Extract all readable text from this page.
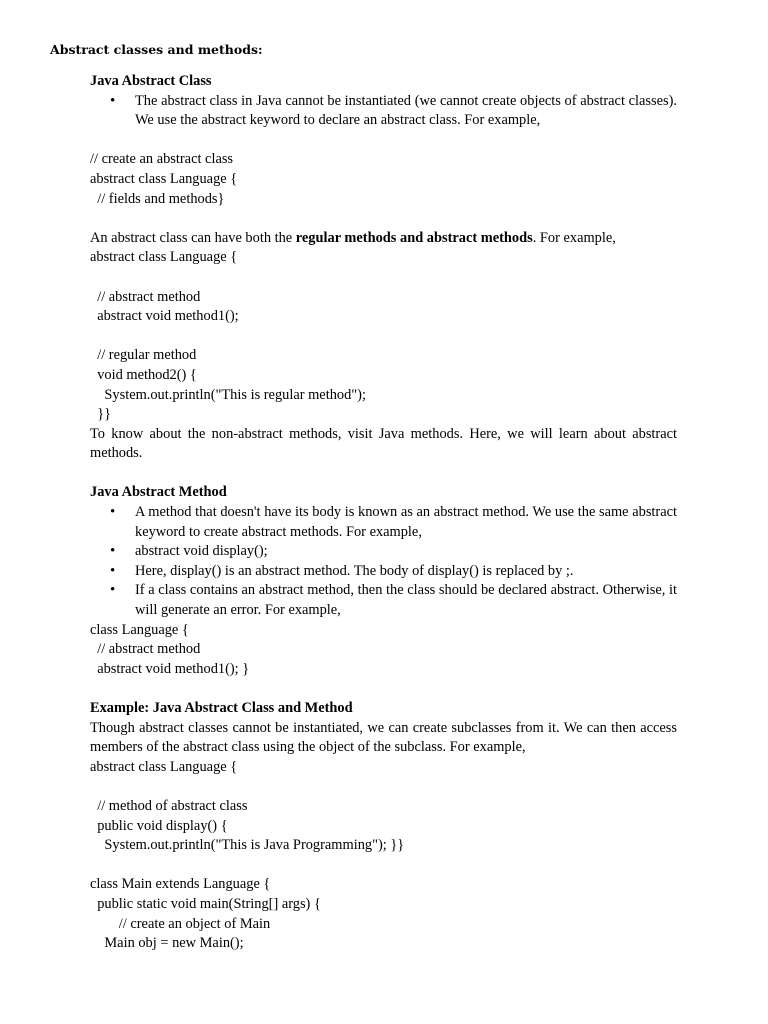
Abstract classes and methods:
Java Abstract Class
• The abstract class in Java cannot be instantiated (we cannot create objects of abstract classes). We use the abstract keyword to declare an abstract class. For example,
// create an abstract class
abstract class Language {
// fields and methods}
An abstract class can have both the regular methods and abstract methods. For example,
abstract class Language {
// abstract method
abstract void method1();
// regular method
void method2() {
System.out.println("This is regular method");
}}
To know about the non-abstract methods, visit Java methods. Here, we will learn about abstract methods.
Java Abstract Method
• A method that doesn't have its body is known as an abstract method. We use the same abstract keyword to create abstract methods. For example,
• abstract void display();
• Here, display() is an abstract method. The body of display() is replaced by ;.
• If a class contains an abstract method, then the class should be declared abstract. Otherwise, it will generate an error. For example,
class Language {
// abstract method
abstract void method1(); }
Example: Java Abstract Class and Method
Though abstract classes cannot be instantiated, we can create subclasses from it. We can then access members of the abstract class using the object of the subclass. For example,
abstract class Language {
// method of abstract class
public void display() {
System.out.println("This is Java Programming"); }}
class Main extends Language {
public static void main(String[] args) {
// create an object of Main
Main obj = new Main();
